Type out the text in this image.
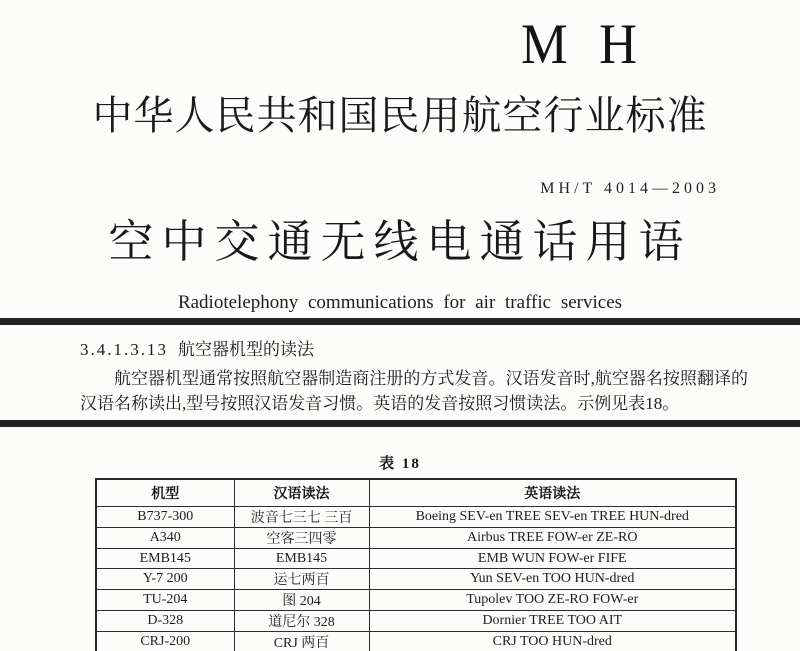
M H
中华人民共和国民用航空行业标准
MH/T 4014—2003
空中交通无线电通话用语
Radiotelephony communications for air traffic services
3.4.1.3.13 航空器机型的读法

航空器机型通常按照航空器制造商注册的方式发音。汉语发音时,航空器名按照翻译的汉语名称读出,型号按照汉语发音习惯。英语的发音按照习惯读法。示例见表18。

表 18
机型	汉语读法	英语读法
B737-300	波音七三七 三百	Boeing SEV-en TREE SEV-en TREE HUN-dred
A340	空客三四零	Airbus TREE FOW-er ZE-RO
EMB145	EMB145	EMB WUN FOW-er FIFE
Y-7 200	运七两百	Yun SEV-en TOO HUN-dred
TU-204	图 204	Tupolev TOO ZE-RO FOW-er
D-328	道尼尔 328	Dornier TREE TOO AIT
CRJ-200	CRJ 两百	CRJ TOO HUN-dred
